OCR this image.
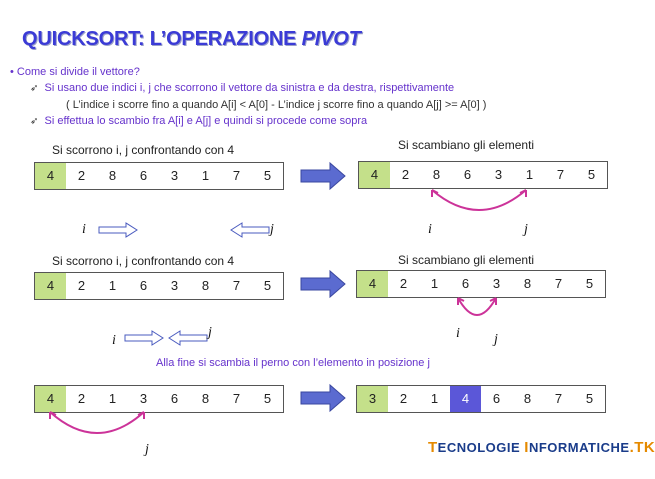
QUICKSORT: L’OPERAZIONE PIVOT
• Come si divide il vettore?
➶ Si usano due indici i, j che scorrono il vettore da sinistra e da destra, rispettivamente
( L’indice i scorre fino a quando A[i] < A[0] - L’indice j scorre fino a quando A[j] >= A[0] )
➶ Si effettua lo scambio fra A[i] e A[j] e quindi si procede come sopra
Si scorrono i, j confrontando con 4
4	2	8	6	3	1	7	5
i	j
Si scambiano gli elementi
4	2	8	6	3	1	7	5
i	j
Si scorrono i, j confrontando con 4
4	2	1	6	3	8	7	5
i
j
Si scambiano gli elementi
4	2	1	6	3	8	7	5
i j
Alla fine si scambia il perno con l’elemento in posizione j
4	2	1	3	6	8	7	5
j
3	2	1	4	6	8	7	5
TECNOLOGIE INFORMATICHE.TK
